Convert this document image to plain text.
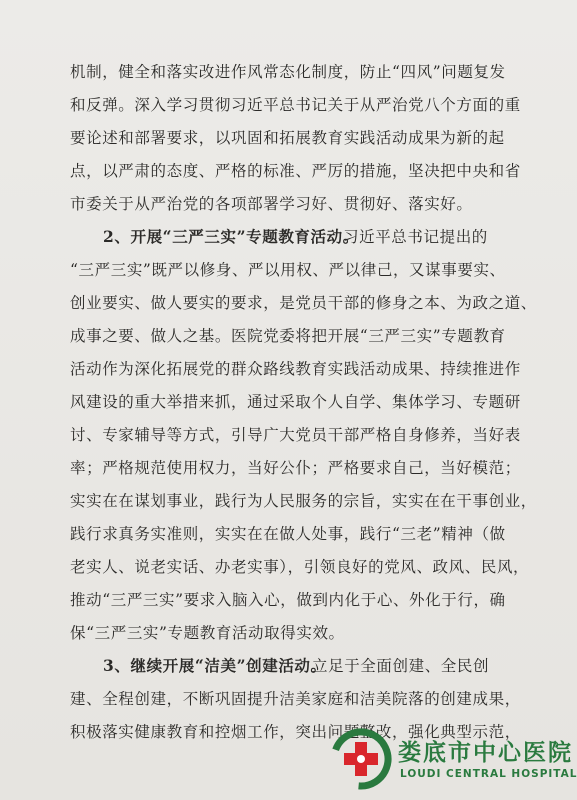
机制，健全和落实改进作风常态化制度，防止“四风”问题复发
和反弹。深入学习贯彻习近平总书记关于从严治党八个方面的重
要论述和部署要求，以巩固和拓展教育实践活动成果为新的起
点，以严肃的态度、严格的标准、严厉的措施，坚决把中央和省
市委关于从严治党的各项部署学习好、贯彻好、落实好。
2、开展“三严三实”专题教育活动。
习近平总书记提出的
“三严三实”既严以修身、严以用权、严以律己，又谋事要实、
创业要实、做人要实的要求，是党员干部的修身之本、为政之道、
成事之要、做人之基。医院党委将把开展“三严三实”专题教育
活动作为深化拓展党的群众路线教育实践活动成果、持续推进作
风建设的重大举措来抓，通过采取个人自学、集体学习、专题研
讨、专家辅导等方式，引导广大党员干部严格自身修养，当好表
率；严格规范使用权力，当好公仆；严格要求自己，当好模范；
实实在在谋划事业，践行为人民服务的宗旨，实实在在干事创业，
践行求真务实准则，实实在在做人处事，践行“三老”精神（做
老实人、说老实话、办老实事），引领良好的党风、政风、民风，
推动“三严三实”要求入脑入心，做到内化于心、外化于行，确
保“三严三实”专题教育活动取得实效。
3、继续开展“洁美”创建活动。
立足于全面创建、全民创
建、全程创建，不断巩固提升洁美家庭和洁美院落的创建成果，
积极落实健康教育和控烟工作，突出问题整改，强化典型示范，
娄底市中心医院
LOUDI CENTRAL HOSPITAL
